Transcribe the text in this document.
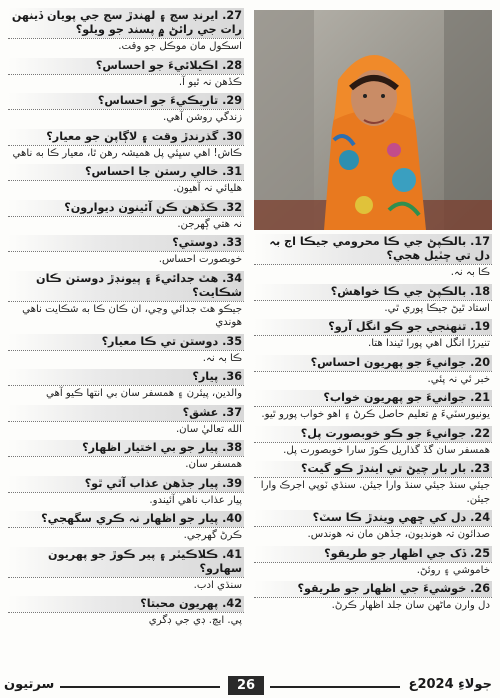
27. ايرنڊ سج ۽ لهندڙ سج جي پويان ڏينهن رات جي رائڻ ۾ پسند جو ويلو؟
اسڪول مان موڪل جو وقت.
28. اڪيلائيءَ جو احساس؟
ڪڏهن نہ ٿيو آ.
29. تاريڪيءَ جو احساس؟
زندگي روشن آهي.
30. گذرندڙ وقت ۽ لاڳاپن جو معيار؟
ڪاش! اهي سڀئي پل هميشہ رهن ٿا، معيار ڪا به ناهي
31. خالي رستن جا احساس؟
هليائي نہ آهيون.
32. ڪڏهن ڪن آئينون ديوارون؟
نہ هتي ڳهرجن.
33. دوستي؟
خوبصورت احساس.
34. هٽ جدائيءَ ۽ پيونڊڙ دوستن ڪان شڪايت؟
جيڪو هٽ جدائي وڃي، ان ڪان ڪا به شڪايت ناهي هوندي
35. دوستن تي ڪا معيار؟
ڪا بہ نہ.
36. پيار؟
والدين، پيئرن ۽ همسفر سان بي انتها ڪيو آهي
37. عشق؟
الله تعاليٰ سان.
38. پيار جو بي اختيار اظهار؟
همسفر سان.
39. پيار جڏهن عذاب آٿي ٿو؟
پيار عذاب ناهي آئيندو.
40. پيار جو اظهار نہ ڪري سگهجي؟
ڪرڻ گهرجي.
41. ڪلاڪيٽر ۽ پير ڪوڙ جو پهريون سهارو؟
سنڌي ادب.
42. پهريون محبتا؟
پي. ايچ. ڊي جي ڊگري
17. بالڪپڻ جي ڪا محرومي جيڪا اڄ بہ دل تي چٽيل هجي؟
ڪا بہ نہ.
18. بالڪپڻ جي ڪا خواهش؟
استاد ٿيڻ جيڪا پوري ٿي.
19. تنهنجي جو ڪو انگل آرو؟
تنيرڙا انگل اهي پورا ٿيندا هتا.
20. جوانيءَ جو پهريون احساس؟
خبر ئي نہ پئي.
21. جوانيءَ جو پهريون خواب؟
يونيورسٽيءَ ۾ تعليم حاصل ڪرڻ ۽ اهو خواب پورو ٿيو.
22. جوانيءَ جو ڪو خوبصورت پل؟
همسفر سان گڏ گذاريل ڪوڙ سارا خوبصورت پل.
23. بار بار چيڻ تي ايندڙ ڪو گيت؟
جيئي سنڌ جيئي سنڌ وارا جيئن. سنڌي ٽوپي اجرڪ وارا جيئن.
24. دل کي ڇهي ويندڙ ڪا سٽ؟
صدائون تہ هونديون، جڏهن مان نہ هوندس.
25. ڏک جي اظهار جو طريقو؟
خاموشي ۽ روئڻ.
26. خوشيءَ جي اظهار جو طريقو؟
دل وارن ماڻهن سان جلد اظهار ڪرڻ.
سرتيون	26	جولاءِ 2024ع
